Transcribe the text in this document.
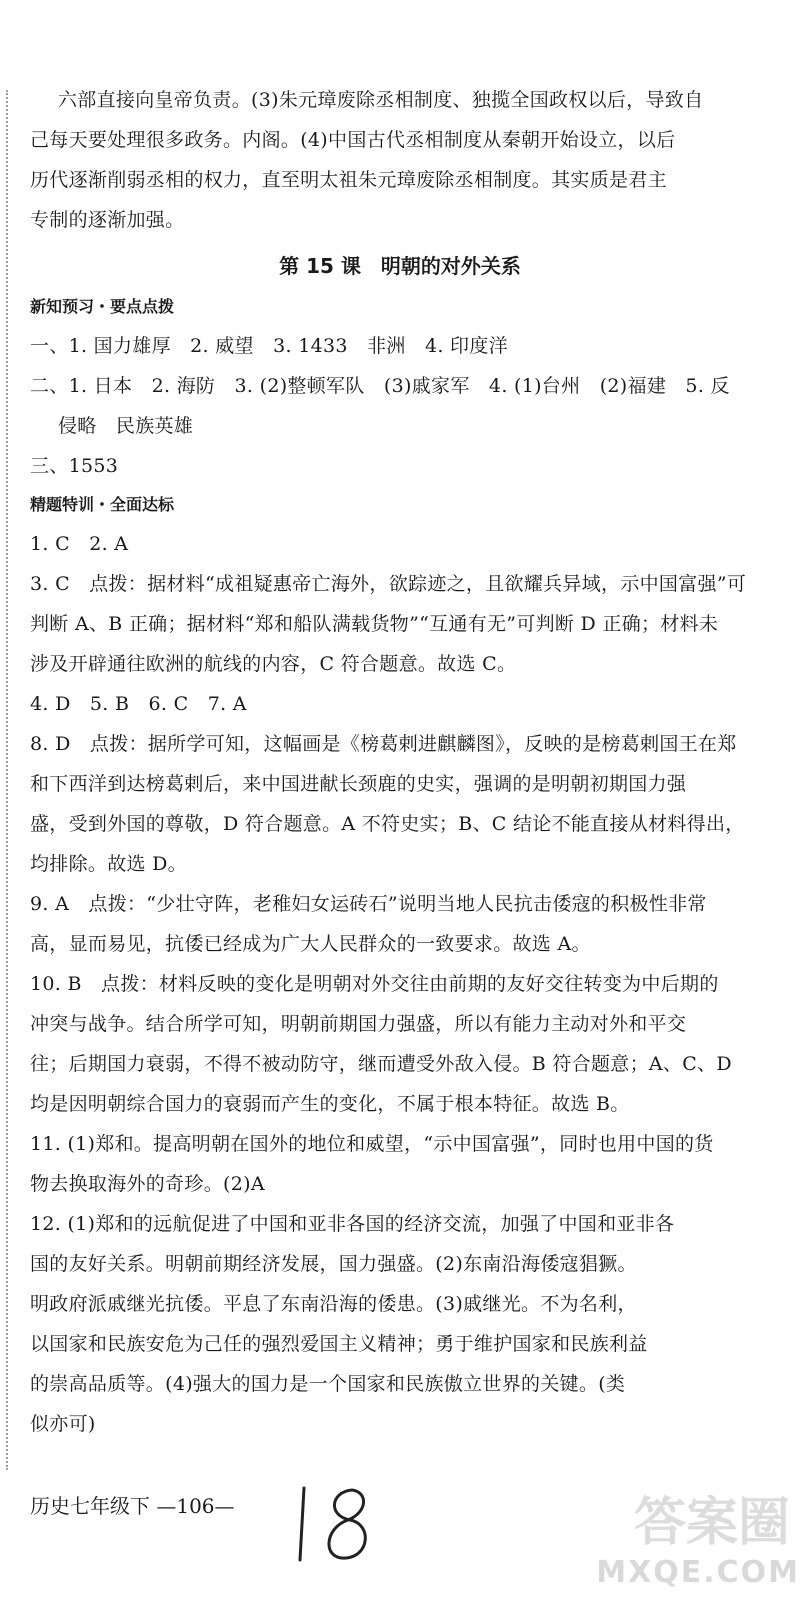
六部直接向皇帝负责。(3)朱元璋废除丞相制度、独揽全国政权以后，导致自
己每天要处理很多政务。内阁。(4)中国古代丞相制度从秦朝开始设立，以后
历代逐渐削弱丞相的权力，直至明太祖朱元璋废除丞相制度。其实质是君主
专制的逐渐加强。
第 15 课　明朝的对外关系
新知预习・要点点拨
一、1. 国力雄厚　2. 威望　3. 1433　非洲　4. 印度洋
二、1. 日本　2. 海防　3. (2)整顿军队　(3)戚家军　4. (1)台州　(2)福建　5. 反
侵略　民族英雄
三、1553
精题特训・全面达标
1. C　2. A
3. C　点拨：据材料“成祖疑惠帝亡海外，欲踪迹之，且欲耀兵异域，示中国富强”可
判断 A、B 正确；据材料“郑和船队满载货物”“互通有无”可判断 D 正确；材料未
涉及开辟通往欧洲的航线的内容，C 符合题意。故选 C。
4. D　5. B　6. C　7. A
8. D　点拨：据所学可知，这幅画是《榜葛剌进麒麟图》，反映的是榜葛剌国王在郑
和下西洋到达榜葛剌后，来中国进献长颈鹿的史实，强调的是明朝初期国力强
盛，受到外国的尊敬，D 符合题意。A 不符史实；B、C 结论不能直接从材料得出，
均排除。故选 D。
9. A　点拨：“少壮守阵，老稚妇女运砖石”说明当地人民抗击倭寇的积极性非常
高，显而易见，抗倭已经成为广大人民群众的一致要求。故选 A。
10. B　点拨：材料反映的变化是明朝对外交往由前期的友好交往转变为中后期的
冲突与战争。结合所学可知，明朝前期国力强盛，所以有能力主动对外和平交
往；后期国力衰弱，不得不被动防守，继而遭受外敌入侵。B 符合题意；A、C、D
均是因明朝综合国力的衰弱而产生的变化，不属于根本特征。故选 B。
11. (1)郑和。提高明朝在国外的地位和威望，“示中国富强”，同时也用中国的货
物去换取海外的奇珍。(2)A
12. (1)郑和的远航促进了中国和亚非各国的经济交流，加强了中国和亚非各
国的友好关系。明朝前期经济发展，国力强盛。(2)东南沿海倭寇猖獗。
明政府派戚继光抗倭。平息了东南沿海的倭患。(3)戚继光。不为名利，
以国家和民族安危为己任的强烈爱国主义精神；勇于维护国家和民族利益
的崇高品质等。(4)强大的国力是一个国家和民族傲立世界的关键。(类
似亦可)
历史七年级下 —106—	答案圈
MXQE.COM
